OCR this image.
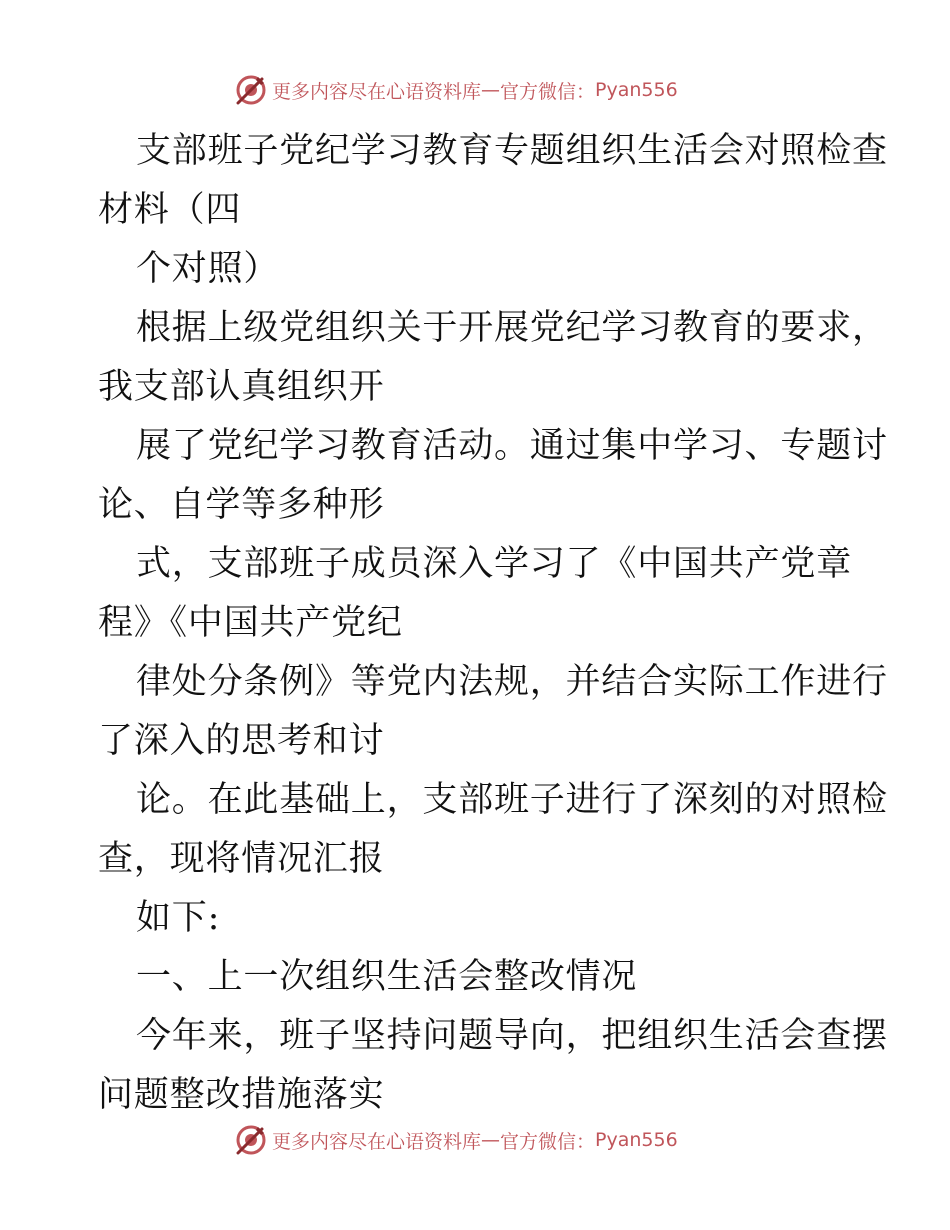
更多内容尽在心语资料库 — 官方微信： Pyan556
支部班子党纪学习教育专题组织生活会对照检查
材料（四
个对照）
根据上级党组织关于开展党纪学习教育的要求，
我支部认真组织开
展了党纪学习教育活动。通过集中学习、专题讨
论、自学等多种形
式，支部班子成员深入学习了《中国共产党章
程》《中国共产党纪
律处分条例》等党内法规，并结合实际工作进行
了深入的思考和讨
论。在此基础上，支部班子进行了深刻的对照检
查，现将情况汇报
如下:
一、上一次组织生活会整改情况
今年来，班子坚持问题导向，把组织生活会查摆
问题整改措施落实
更多内容尽在心语资料库 — 官方微信： Pyan556
